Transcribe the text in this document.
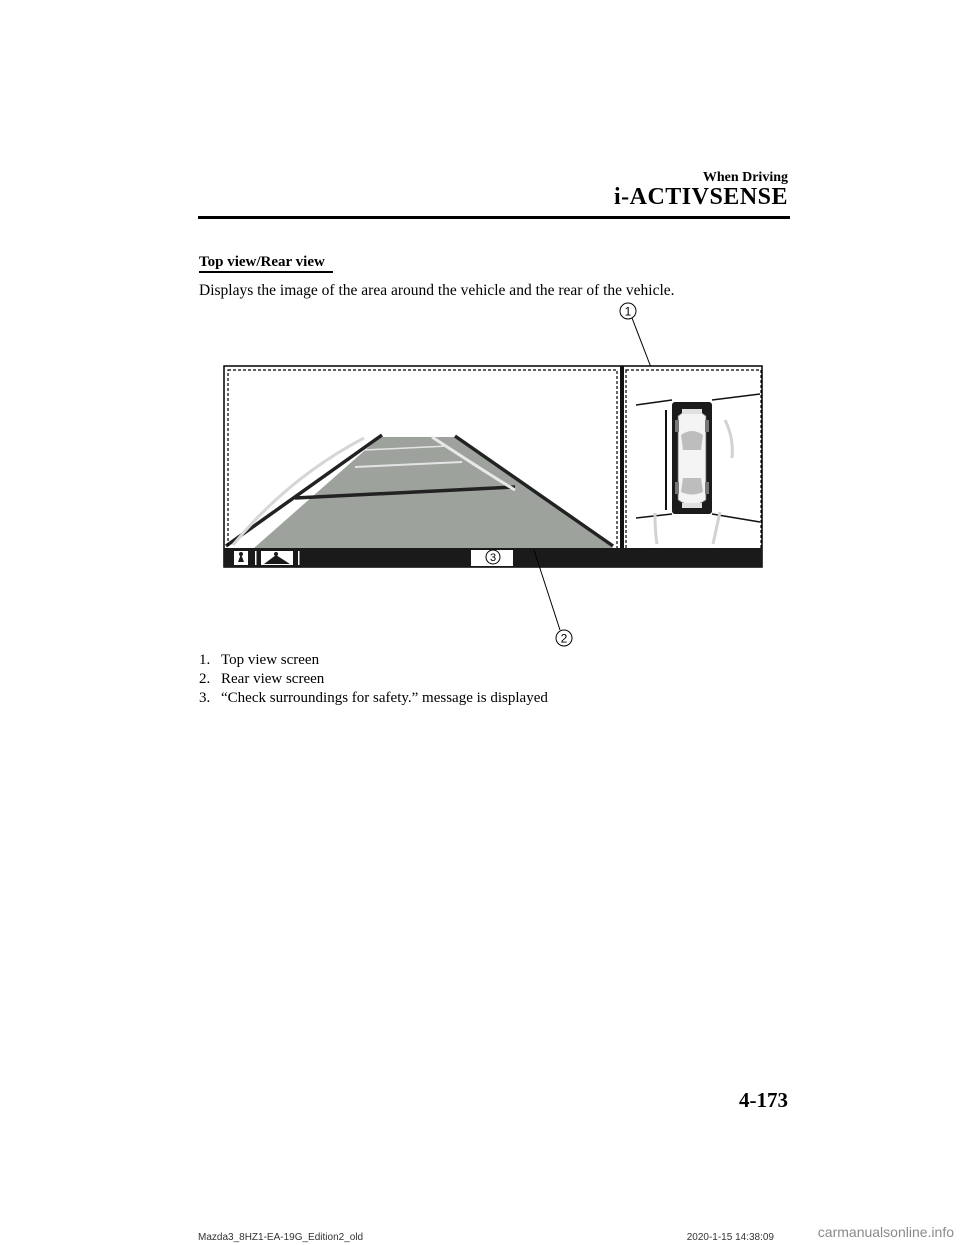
When Driving
i-ACTIVSENSE
Top view/Rear view
Displays the image of the area around the vehicle and the rear of the vehicle.
1
3
2
1. Top view screen
2. Rear view screen
3. “Check surroundings for safety.” message is displayed
4-173
Mazda3_8HZ1-EA-19G_Edition2_old	2020-1-15 14:38:09	carmanualsonline.info
